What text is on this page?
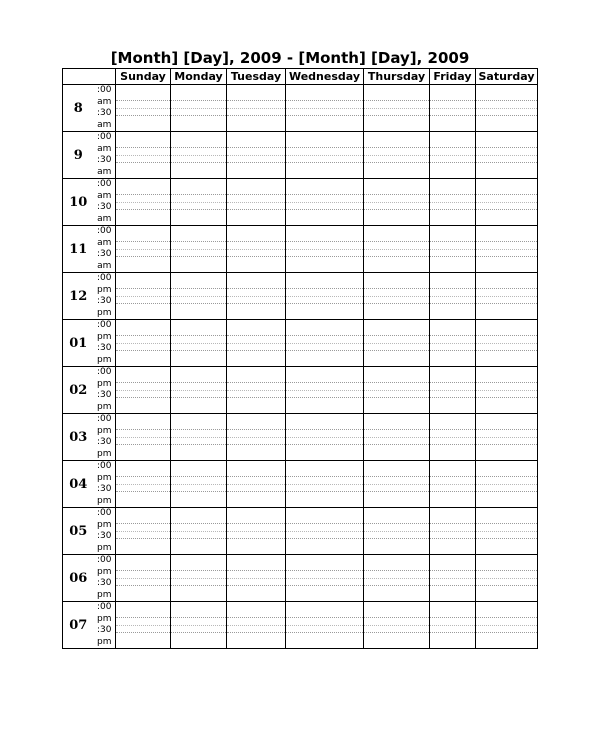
[Month] [Day], 2009 - [Month] [Day], 2009
		Sunday	Monday	Tuesday	Wednesday	Thursday	Friday	Saturday
8	:00
am
:30
am							

9	:00
am
:30
am							

10	:00
am
:30
am							

11	:00
am
:30
am							

12	:00
pm
:30
pm							

01	:00
pm
:30
pm							

02	:00
pm
:30
pm							

03	:00
pm
:30
pm							

04	:00
pm
:30
pm							

05	:00
pm
:30
pm							

06	:00
pm
:30
pm							

07	:00
pm
:30
pm							
